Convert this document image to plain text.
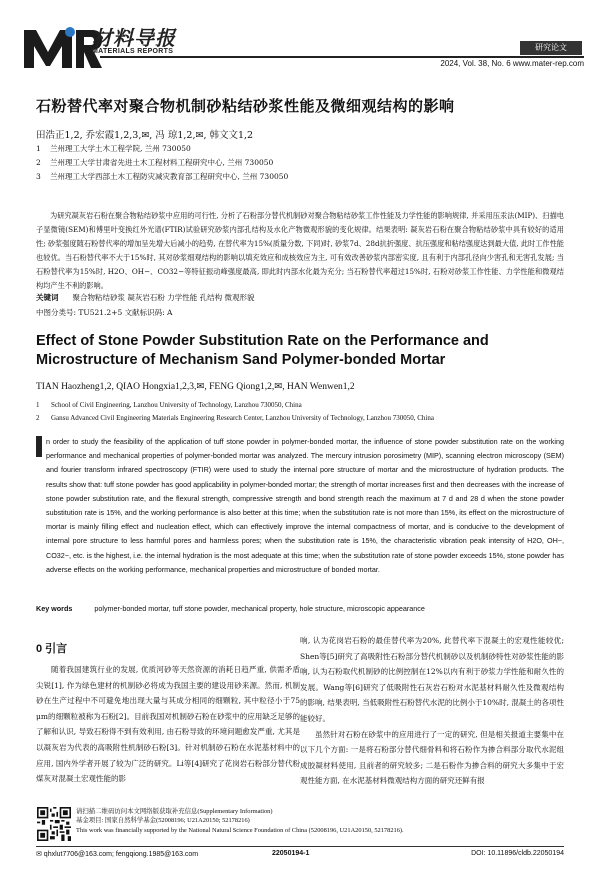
材料导报
MATERIALS REPORTS	研究论文
2024, Vol. 38, No. 6 www.mater-rep.com
石粉替代率对聚合物机制砂粘结砂浆性能及微细观结构的影响
田浩正1,2, 乔宏霞1,2,3,✉, 冯 琼1,2,✉, 韩文文1,2
1 兰州理工大学土木工程学院, 兰州 730050
2 兰州理工大学甘肃省先进土木工程材料工程研究中心, 兰州 730050
3 兰州理工大学西部土木工程防灾减灾教育部工程研究中心, 兰州 730050
为研究凝灰岩石粉在聚合物粘结砂浆中应用的可行性, 分析了石粉部分替代机制砂对聚合物粘结砂浆工作性能及力学性能的影响规律, 并采用压汞法(MIP)、扫描电子显微镜(SEM)和傅里叶变换红外光谱(FTIR)试验研究砂浆内部孔结构及水化产物微观形貌的变化规律。结果表明: 凝灰岩石粉在聚合物粘结砂浆中具有较好的适用性; 砂浆强度随石粉替代率的增加呈先增大后减小的趋势, 在替代率为15%(质量分数, 下同)时, 砂浆7d、28d抗折强度、抗压强度和粘结强度达到最大值, 此时工作性能也较优。当石粉替代率不大于15%时, 其对砂浆细观结构的影响以填充效应和成核效应为主, 可有效改善砂浆内部密实度, 且有利于内部孔径向少害孔和无害孔发展; 当石粉替代率为15%时, H2O、OH−、CO32−等特征振动峰强度最高, 即此时内部水化最为充分; 当石粉替代率超过15%时, 石粉对砂浆工作性能、力学性能和微观结构均产生不利的影响。
关键词 聚合物粘结砂浆 凝灰岩石粉 力学性能 孔结构 微观形貌
中图分类号: TU521.2+5 文献标识码: A
Effect of Stone Powder Substitution Rate on the Performance and Microstructure of Mechanism Sand Polymer-bonded Mortar
TIAN Haozheng1,2, QIAO Hongxia1,2,3,✉, FENG Qiong1,2,✉, HAN Wenwen1,2
1 School of Civil Engineering, Lanzhou University of Technology, Lanzhou 730050, China
2 Gansu Advanced Civil Engineering Materials Engineering Research Center, Lanzhou University of Technology, Lanzhou 730050, China
n order to study the feasibility of the application of tuff stone powder in polymer-bonded mortar, the influence of stone powder substitution rate on the working performance and mechanical properties of polymer-bonded mortar was analyzed. The mercury intrusion porosimetry (MIP), scanning electron microscopy (SEM) and fourier transform infrared spectroscopy (FTIR) were used to study the internal pore structure of mortar and the microstructure of hydration products. The results show that: tuff stone powder has good applicability in polymer-bonded mortar; the strength of mortar increases first and then decreases with the increase of stone powder substitution rate, and the flexural strength, compressive strength and bond strength reach the maximum at 7 d and 28 d when the stone powder substitution rate is 15%, and the working performance is also better at this time; when the substitution rate is not more than 15%, its effect on the microstructure of mortar is mainly filling effect and nucleation effect, which can effectively improve the internal compactness of mortar, and is conducive to the development of internal pore structure to less harmful pores and harmless pores; when the substitution rate is 15%, the characteristic vibration peak intensity of H2O, OH−, CO32−, etc. is the highest, i.e. the internal hydration is the most adequate at this time; when the substitution rate of stone powder exceeds 15%, stone powder has adverse effects on the working performance, mechanical properties and microstructure of bonded mortar.
Key words	polymer-bonded mortar, tuff stone powder, mechanical property, hole structure, microscopic appearance
0 引言

随着我国建筑行业的发展, 优质河砂等天然资源的消耗日趋严重, 供需矛盾尖锐[1], 作为绿色建材的机制砂必将成为我国主要的建设用砂来源。然而, 机制砂在生产过程中不可避免地出现大量与其成分相同的细颗粒, 其中粒径小于75 μm的细颗粒被称为石粉[2]。目前我国对机制砂石粉在砂浆中的应用缺乏足够的了解和认识, 导致石粉得不到有效利用, 由石粉导致的环境问题愈发严重, 尤其是以凝灰岩为代表的高吸附性机制砂石粉[3]。针对机制砂石粉在水泥基材料中的应用, 国内外学者开展了较为广泛的研究。Li等[4]研究了花岗岩石粉部分替代粉煤灰对混凝土宏观性能的影

响, 认为花岗岩石粉的最佳替代率为20%, 此替代率下混凝土的宏观性能较优; Shen等[5]研究了高吸附性石粉部分替代机制砂以及机制砂特性对砂浆性能的影响, 认为石粉取代机制砂的比例控制在12%以内有利于砂浆力学性能和耐久性的发展。Wang等[6]研究了低吸附性石灰岩石粉对水泥基材料耐久性及微观结构的影响, 结果表明, 当低吸附性石粉替代水泥的比例小于10%时, 混凝土的各项性能较好。

虽然针对石粉在砂浆中的应用进行了一定的研究, 但是相关报道主要集中在以下几个方面: 一是将石粉部分替代细骨料和将石粉作为掺合料部分取代水泥组成胶凝材料使用, 且前者的研究较多; 二是石粉作为掺合料的研究大多集中于宏观性能方面, 在水泥基材料微观结构方面的研究还鲜有报

请扫描二维码访问本文网络版获取补充信息(Supplementary Information)
基金项目: 国家自然科学基金(52008196; U21A20150; 52178216)
This work was financially supported by the National Natural Science Foundation of China (52008196, U21A20150, 52178216).
✉ qhxlut7706@163.com; fengqiong.1985@163.com	22050194-1	DOI: 10.11896/cldb.22050194
